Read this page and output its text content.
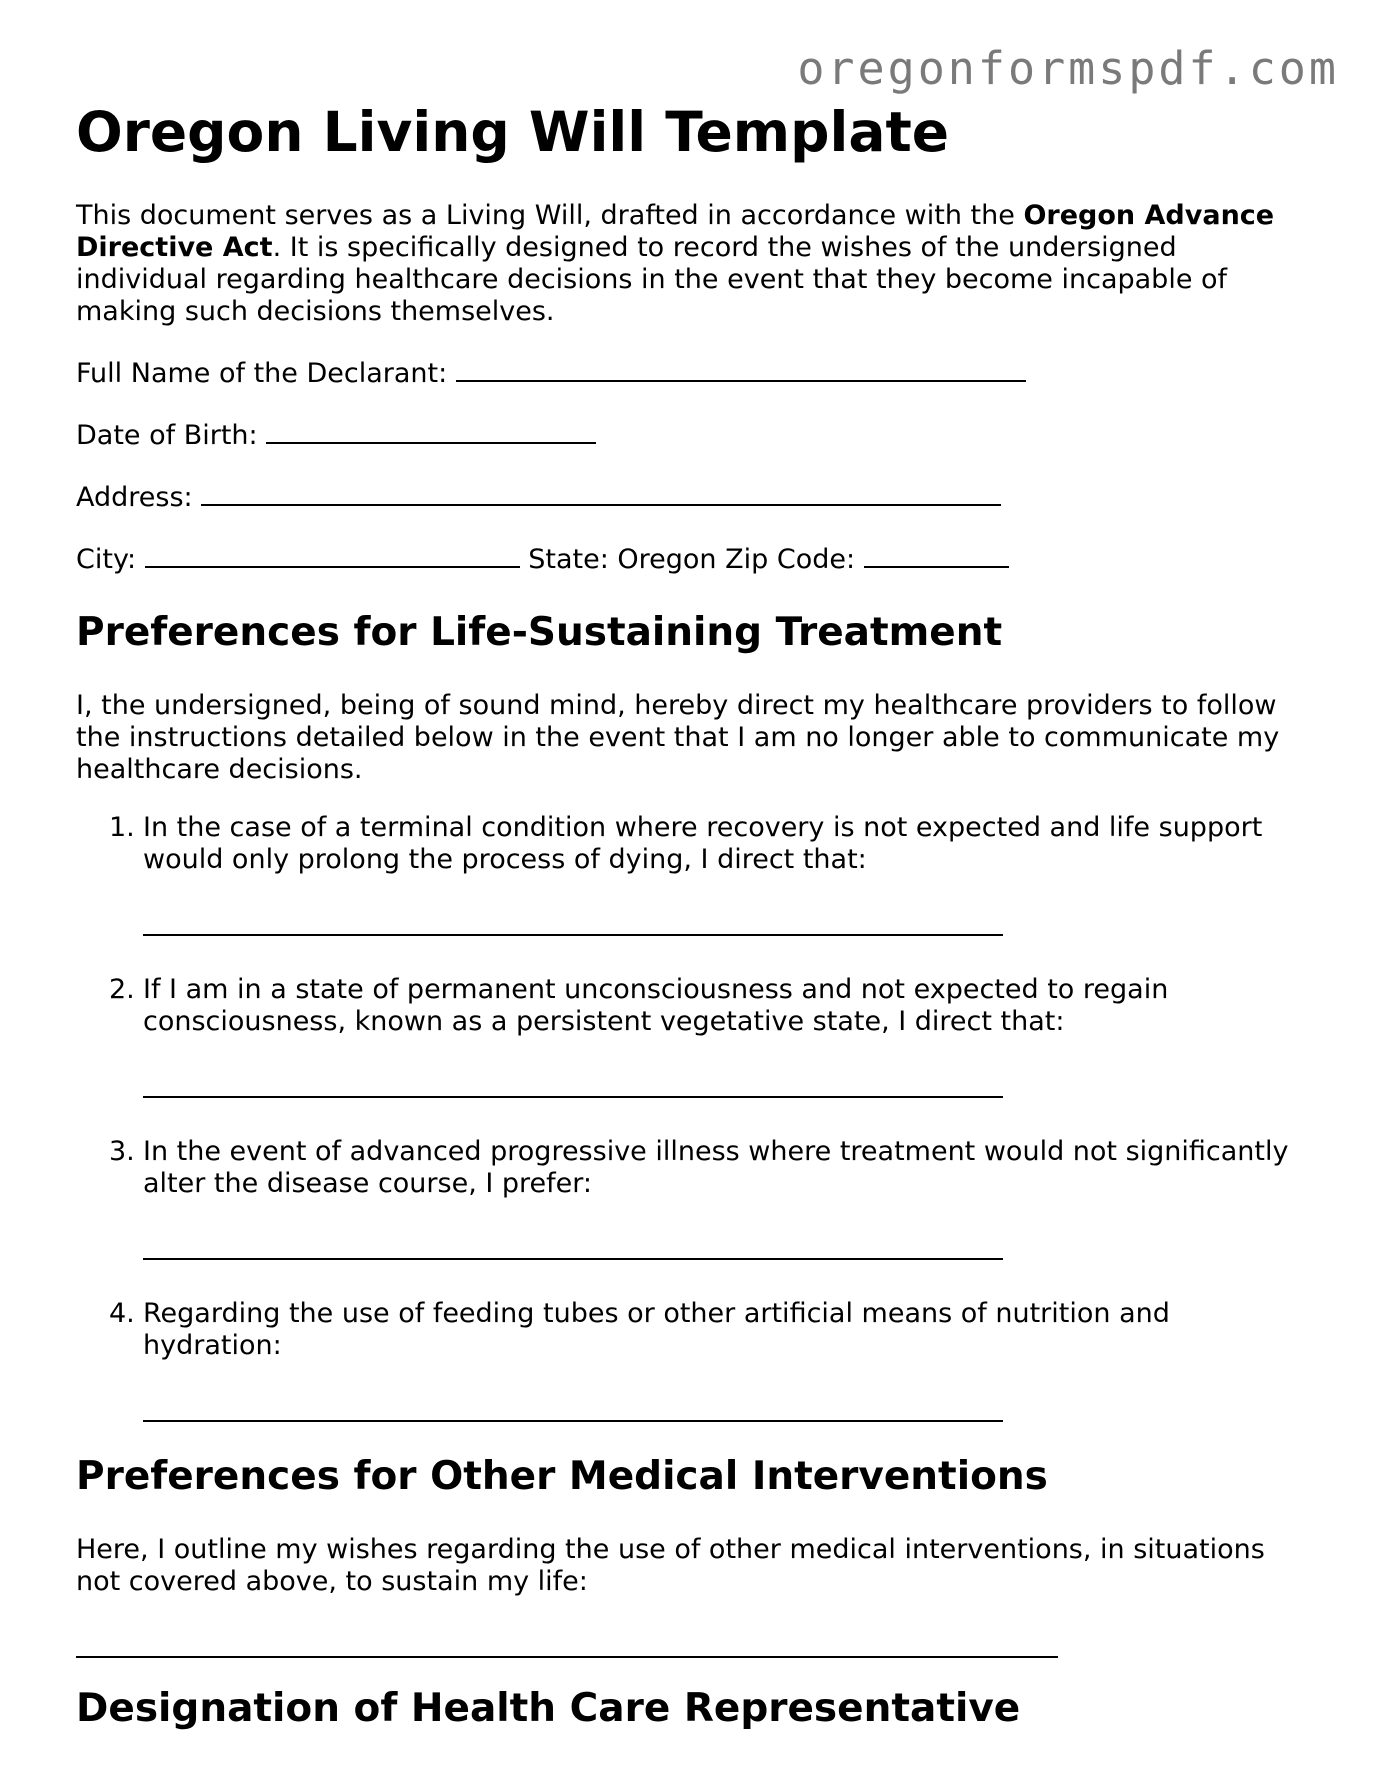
oregonformspdf.com
Oregon Living Will Template

This document serves as a Living Will, drafted in accordance with the Oregon Advance Directive Act. It is specifically designed to record the wishes of the undersigned individual regarding healthcare decisions in the event that they become incapable of making such decisions themselves.

Full Name of the Declarant:
Date of Birth:
Address:
City:	State: Oregon Zip Code:
Preferences for Life-Sustaining Treatment

I, the undersigned, being of sound mind, hereby direct my healthcare providers to follow the instructions detailed below in the event that I am no longer able to communicate my healthcare decisions.

1. In the case of a terminal condition where recovery is not expected and life support would only prolong the process of dying, I direct that:
2. If I am in a state of permanent unconsciousness and not expected to regain consciousness, known as a persistent vegetative state, I direct that:
3. In the event of advanced progressive illness where treatment would not significantly alter the disease course, I prefer:
4. Regarding the use of feeding tubes or other artificial means of nutrition and hydration:
Preferences for Other Medical Interventions

Here, I outline my wishes regarding the use of other medical interventions, in situations not covered above, to sustain my life:

Designation of Health Care Representative
